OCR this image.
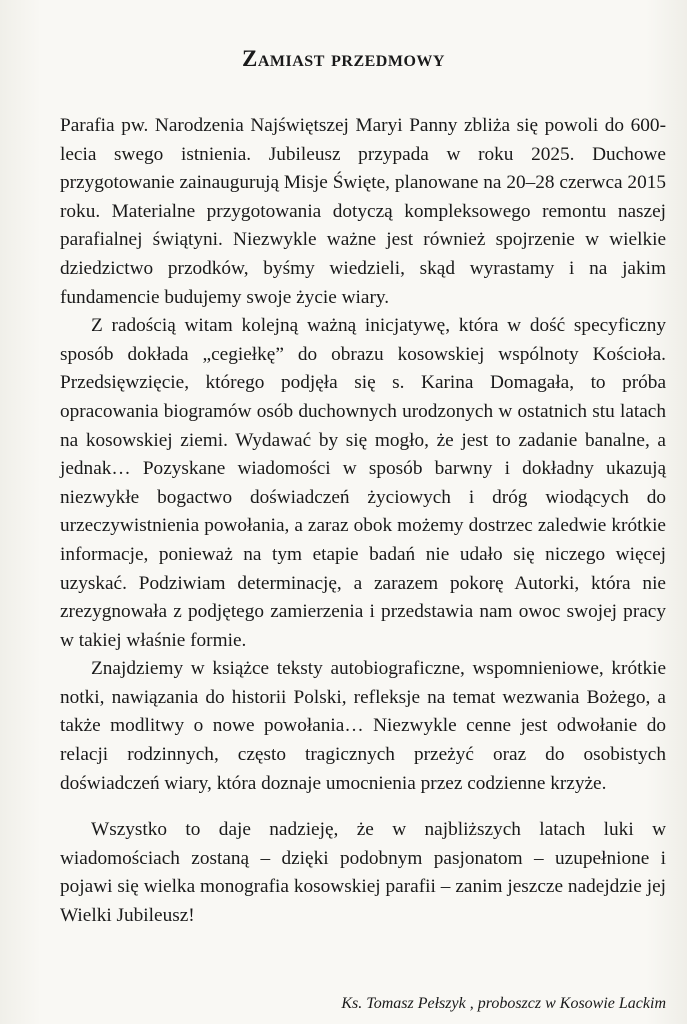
Zamiast przedmowy

Parafia pw. Narodzenia Najświętszej Maryi Panny zbliża się powoli do 600-lecia swego istnienia. Jubileusz przypada w roku 2025. Duchowe przygotowanie zainaugurują Misje Święte, planowane na 20–28 czerwca 2015 roku. Materialne przygotowania dotyczą kompleksowego remontu naszej parafialnej świątyni. Niezwykle ważne jest również spojrzenie w wielkie dziedzictwo przodków, byśmy wiedzieli, skąd wyrastamy i na jakim fundamencie budujemy swoje życie wiary.

Z radością witam kolejną ważną inicjatywę, która w dość specyficzny sposób dokłada „cegiełkę” do obrazu kosowskiej wspólnoty Kościoła. Przedsięwzięcie, którego podjęła się s. Karina Domagała, to próba opracowania biogramów osób duchownych urodzonych w ostatnich stu latach na kosowskiej ziemi. Wydawać by się mogło, że jest to zadanie banalne, a jednak… Pozyskane wiadomości w sposób barwny i dokładny ukazują niezwykłe bogactwo doświadczeń życiowych i dróg wiodących do urzeczywistnienia powołania, a zaraz obok możemy dostrzec zaledwie krótkie informacje, ponieważ na tym etapie badań nie udało się niczego więcej uzyskać. Podziwiam determinację, a zarazem pokorę Autorki, która nie zrezygnowała z podjętego zamierzenia i przedstawia nam owoc swojej pracy w takiej właśnie formie.

Znajdziemy w książce teksty autobiograficzne, wspomnieniowe, krótkie notki, nawiązania do historii Polski, refleksje na temat wezwania Bożego, a także modlitwy o nowe powołania… Niezwykle cenne jest odwołanie do relacji rodzinnych, często tragicznych przeżyć oraz do osobistych doświadczeń wiary, która doznaje umocnienia przez codzienne krzyże.

Wszystko to daje nadzieję, że w najbliższych latach luki w wiadomościach zostaną – dzięki podobnym pasjonatom – uzupełnione i pojawi się wielka monografia kosowskiej parafii – zanim jeszcze nadejdzie jej Wielki Jubileusz!

Ks. Tomasz Pełszyk , proboszcz w Kosowie Lackim
